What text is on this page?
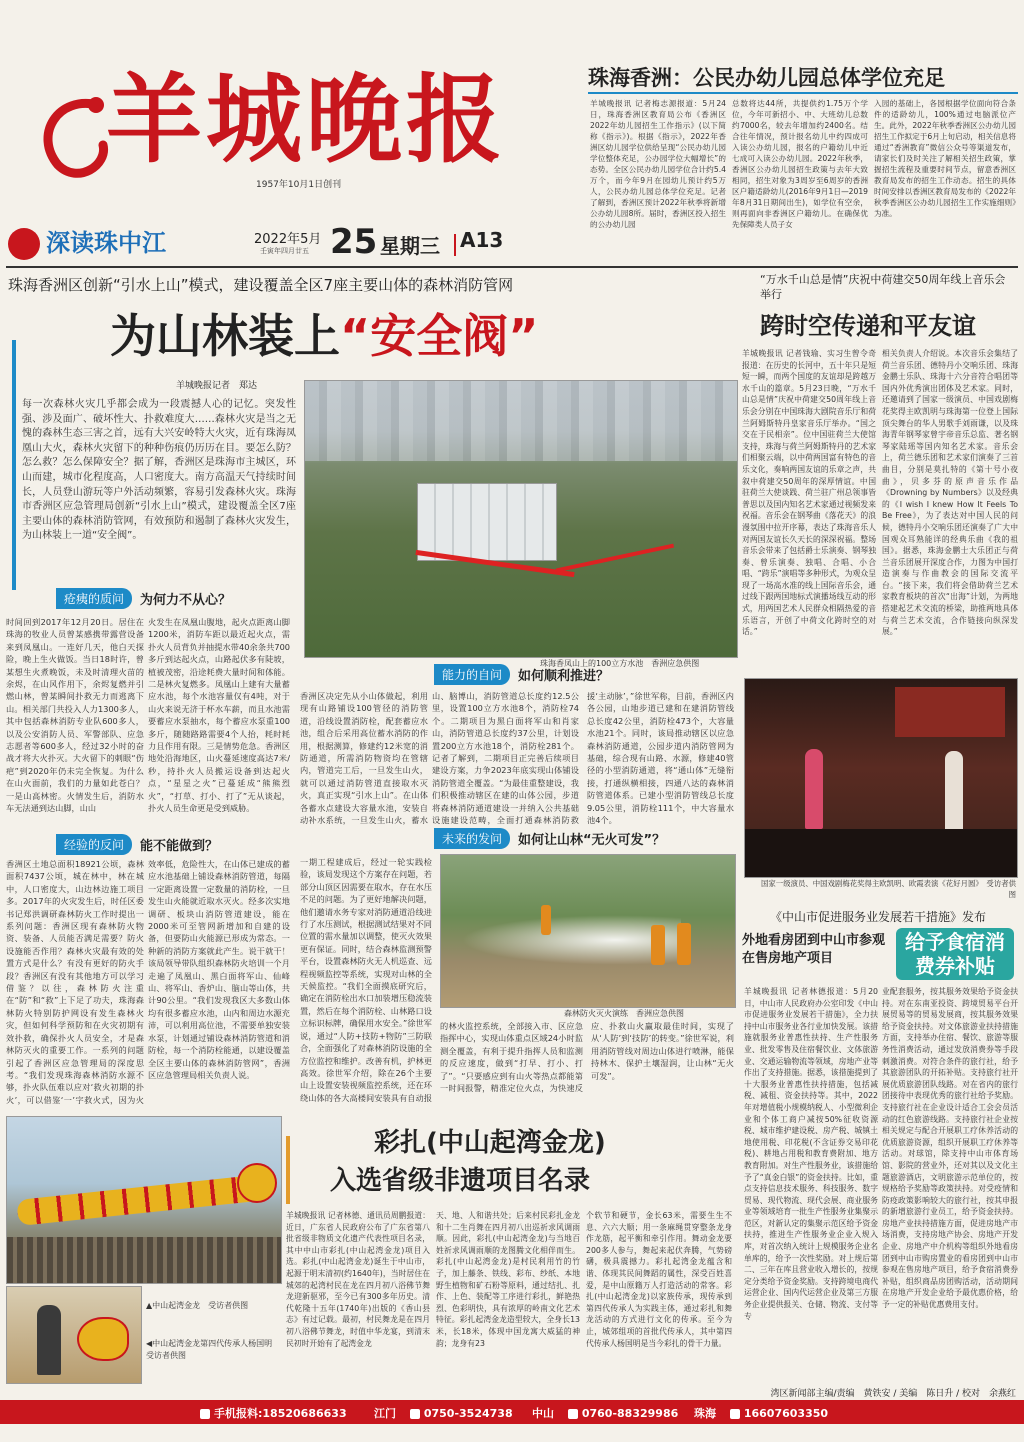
羊城晚报
1957年10月1日创刊
深读珠中江	2022年5月
壬寅年四月廿五 25 星期三 A13
珠海香洲：公民办幼儿园总体学位充足
羊城晚报讯 记者梅志源报道：5月24日，珠海香洲区教育局公布《香洲区2022年幼儿园招生工作指示》(以下简称《指示》)。根据《指示》，2022年香洲区幼儿园学位供给呈现“公民办幼儿园学位整体充足，公办园学位大幅增长”的态势。全区公民办幼儿园学位合计约5.4万个，而今年9月在园幼儿预计约5万人，公民办幼儿园总体学位充足。记者了解到，香洲区预计2022年秋季将新增公办幼儿园8所。届时，香洲区投入招生的公办幼儿园
总数将达44所，共提供约1.75万个学位，今年可新招小、中、大班幼儿总数约7000名，较去年增加约2400名。结合往年情况，预计报名幼儿中约四成可入读公办幼儿园，报名的户籍幼儿中近七成可入读公办幼儿园。2022年秋季，香洲区公办幼儿园招生政策与去年大致相同，招生对象为3周岁至6周岁的香洲区户籍适龄幼儿(2016年9月1日—2019年8月31日期间出生)，如学位有空余，则再面向非香洲区户籍幼儿。在确保优先保障类人员子女
入园的基础上，各园根据学位面向符合条件的适龄幼儿，100%通过电脑派位产生。此外，2022年秋季香洲区公办幼儿园招生工作拟定于6月上旬启动，相关信息将通过“香洲教育”微信公众号等渠道发布，请家长们及时关注了解相关招生政策，掌握招生流程及重要时间节点，留意香洲区教育局发布的招生工作动态。招生的具体时间安排以香洲区教育局发布的《2022年秋季香洲区公办幼儿园招生工作实施细则》为准。
珠海香洲区创新“引水上山”模式，建设覆盖全区7座主要山体的森林消防管网
为山林装上“安全阀”
羊城晚报记者　郑达
每一次森林火灾几乎都会成为一段震撼人心的记忆。突发性强、涉及面广、破坏性大、扑救难度大……森林火灾是当之无愧的森林生态三害之首，远有大兴安岭特大火灾，近有珠海凤凰山大火，森林火灾留下的种种伤痕仍历历在目。要怎么防？怎么救？怎么保障安全？据了解，香洲区是珠海市主城区，环山而建，城市化程度高，人口密度大。南方高温天气持续时间长，人员登山游玩等户外活动频繁，容易引发森林火灾。珠海市香洲区应急管理局创新“引水上山”模式，建设覆盖全区7座主要山体的森林消防管网，有效预防和遏制了森林火灾发生，为山林装上一道“安全阀”。
珠海香凤山上的100立方水池　香洲应急供图
疮痍的质问	为何力不从心？
时间回到2017年12月20日。居住在珠海的牧业人员曾某感携带露营设备来到凤凰山。一连好几天，他白天探险，晚上生火做饭。当日18时许，曾某想生火煮晚饭，未及时清理火苗的余烬，在山风作用下，余烬复燃并引燃山林，曾某瞬间扑救无力而逃离下山。相关部门共投入人力1300多人，其中包括森林消防专业队600多人，以及公安消防人员、军警部队、应急志愿者等600多人，经过32小时的奋战才将大火扑灭。大火留下的刺眼“伤疤”到2020年仍未完全恢复。为什么在山火面前，我们的力量如此苍白？一是山高林密。火情发生后，消防水车无法通到达山脚，山山
火发生在凤凰山腹地，起火点距离山脚1200米，消防车距以最近起火点，需扑火人员背负并抽提水带40余条共700多斤到达起火点，山路起伏多有陡坡，植被茂密，沿途耗费大量时间和体能。二是林火复燃多。凤凰山上建有大量蓄应水池，每个水池容量仅有4吨，对于山火来说无济于杯水车薪，而且水池需要蓄应水泵抽水，每个蓄应水泵重100多斤，随随路路需要4个人抬，耗时耗力且作用有限。三是情势危急。香洲区地处沿海地区，山火蔓延速度高达7米/秒，持扑火人员搬运设备到达起火点，“星星之火”已蔓延成“熊熊烈火”，“打草、打小、打了”无从谈起，扑火人员生命更是受到威胁。
经验的反问	能不能做到？
香洲区土地总面积18921公顷，森林面积7437公顷，城在林中，林在城中，人口密度大，山边林边施工项目多。2017年的火灾发生后，时任区委书记郑洪调研森林防火工作时提出一系列问题：香洲区现有森林防火物资、装备、人员能否满足需要？防火设施能否作用？森林火灾最有效的处置方式是什么？有没有更好的防火手段？香洲区有没有其他地方可以学习借鉴？以往，森林防火注重在“防”和“救”上下足了功夫，珠海森林防火特别防护网设有发生森林火灾，但如何科学预防和在火灾初期有效扑救，确保扑火人员安全，才是森林防灭火的重要工作。一系列的问题引起了香洲区应急管理局的深度思考。“我们发现珠海森林消防水源不够，扑火队伍难以应对‘救火初期的扑火’，可以借鉴‘一’字救火式，因为火
效率低，危险性大，在山体已建成的蓄应水池基础上铺设森林消防管道，每隔一定距离设置一定数量的消防栓，一旦发生山火能就近取水灭火。经多次实地调研、板块山消防管道建设，能在2000米可至管网新增加和自建的设备，但要防山火能源已形成为常态。一种新的消防方案就此产生。说干就干！该局领导带队组织森林防火培训一个月走遍了凤凰山、黑白面将军山、仙峰山、将军山、香炉山、脑山等山体，共计90公里。“我们发现我区大多数山体均有很多蓄应水池，山内和周边水源充沛，可以利用高位池，不需要单独安装水泵，计划通过铺设森林消防管道和消防栓，每一个消防栓能通，以建设覆盖全区主要山体的森林消防管网”，香洲区应急管理局相关负责人说。
能力的自问	如何顺利推进？
香洲区决定先从小山体做起，利用现有山路铺设100管径的消防管道，沿线设置消防栓，配套蓄应水池，组合后采用高位蓄水消防的作用，根据测算，修建约12米宽的消防通道，所需消防物资均在管辖内，管道完工后，一旦发生山火，就可以通过消防管道直接取水灭火，真正实现“引水上山”。在山体各蓄水点建设大容量水池，安装自动补水系统，一旦发生山火，蓄水
山、脑博山，消防管道总长度约12.5公里，设置100立方水池8个，消防栓74个。二期项目为黑白面将军山和肖家山，消防管道总长度约37公里，计划设置200立方水池18个，消防栓281个。记者了解到，二期项目正完善后续项目建设方案，力争2023年底实现山体铺设消防管道全覆盖。“为最佳重整建设，我们积极推动辖区在建的山体公园，步道将森林消防通道建设一并纳入公共基础设施建设范畴，全面打通森林消防救援‘主动脉’，”徐世军称，目前，香洲区内各公园，山地步道已建和在建消防管线总长度42公里，消防栓473个，大容量水池21个。同时，该局推动辖区以应急森林消防通道，公园步道内消防管网为基础，综合现有山路、水源，修建40管径的小型消防通道，将“通山体”无缝衔接，打通纵横相接，四通八达的森林消防管道体系。已建小型消防管线总长度9.05公里，消防栓111个，中大容量水池4个。
未来的发问	如何让山林“无火可发”？
森林防火灭火演练　香洲应急供图
一期工程建成后，经过一轮实践检验，该局发现这个方案存在问题，若部分山顶区因需要在取水，存在水压不足的问题。为了更好地解决问题，他们邀请水务专家对消防通道沿线进行了水压测试，根据测试结果对不同位置的需水量加以调整，使灭火效果更有保证。同时，结合森林监测预警平台，设置森林防火无人机巡查、远程视频监控等系统，实现对山林的全天候监控。“我们全面摸底研究后，确定在消防栓出水口加装增压稳流装置，然后在每个消防栓、山林路口设立标识标牌，确保用水安全。”徐世军说，通过“人防+技防+物防”三防联合，全面强化了对森林消防设施的全方位监控和维护。改善有机，护林更高效。徐世军介绍，除在26个主要山上设置安装视频监控系统，还在环绕山体的各大高楼间安装具有自动报
的林火监控系统，全部接入市、区应急指挥中心，实现山体重点区域24小时监测全覆盖，有利于提升指挥人员和监测的反应速度，做到“打早、打小、打了”。“只要感应到有山火等热点都能第一时间报警，精准定位火点，为快速反应、扑救山火赢取最佳时间，实现了从‘人防’到‘技防’的转变。”徐世军说，利用消防管线对周边山体进行喷淋，能保持林木、保护土壤湿润，让山林“无火可发”。
“万水千山总是情”庆祝中荷建交50周年线上音乐会举行
跨时空传递和平友谊
羊城晚报讯 记者钱瑜、实习生曾令奇报道：在历史的长河中，五十年只是短短一瞬，而两个国度的友谊却是跨越万水千山的篇章。5月23日晚，“万水千山总是情”庆祝中荷建交50周年线上音乐会分别在中国珠海大剧院音乐厅和荷兰阿姆斯特丹皇家音乐厅举办。“国之交在于民相亲”。位中国驻荷兰大使馆支持，珠海与荷兰阿姆斯特丹的艺术家们相聚云端，以中荷两国富有特色的音乐文化，奏响两国友谊的乐章之声，共叙中荷建交50周年的深厚情谊。中国驻荷兰大使谈践、荷兰驻广州总领事皆普思以及国内知名艺术家通过视频发来祝福。音乐会在钢琴曲《落花天》的浪漫氛围中拉开序幕，表达了珠海音乐人对两国友谊长久天长的深深祝福。整场音乐会带来了包括爵士乐演奏、钢琴独奏、曾乐演奏、独唱、合唱、小合唱、“跨乐”演唱等多种形式，为观众呈现了一场高水准的线上国际音乐会，通过线下跟两国地标式演播场线互动的形式，用两国艺术人民群众相隔热爱的音乐语言，开创了中荷文化跨时空的对话。”
相关负责人介绍说。本次音乐会集结了荷兰音乐团、德特丹小交响乐团、珠海金鹏士乐队、珠海十六分音符合唱团等国内外优秀演出团体及艺术家。同时，还邀请到了国家一级演员、中国戏剧梅花奖得主欧凯明与珠海第一位登上国际顶尖舞台的华人男歌手刘雨谦，以及珠海青年钢琴家曾宇帝音乐总监、著名钢琴家陆瑶等国内知名艺术家。音乐会上，荷兰德乐团和艺术家们演奏了三首曲目，分别是莫扎特的《第十号小夜曲》，贝多芬的原声音乐作品《Drowning by Numbers》以及经典的《I wish I knew How It Feels To Be Free》，为了表达对中国人民的问候，德特丹小交响乐团还演奏了广大中国观众耳熟能详的经典乐曲《我的祖国》。据悉，珠海金鹏士大乐团正与荷兰音乐团展开深度合作，力图为中国打造演奏与作曲教会的国际交流平台。“接下来，我们将会借助荷兰艺术家教育板块的首次“出海”计划，为两地搭建起艺术交流的桥梁，助推两地具体与荷兰艺术交流，合作链接向纵深发展。”
国家一级演员、中国戏剧梅花奖得主欧凯明、欧霞表演《花好月圆》　受访者供图
《中山市促进服务业发展若干措施》发布
外地看房团到中山市参观在售房地产项目
给予食宿消费券补贴
羊城晚报讯 记者林德报道：5月20日，中山市人民政府办公室印发《中山市促进服务业发展若干措施》，全力扶持中山市服务业各行业加快发展。该措施就服务业普惠性扶持、生产性服务业、批发零售及住宿餐饮业、文体旅游业、交通运输物流等领域，房地产业等作出了支持措施。据悉，该措施提到了十大服务业普惠性扶持措施，包括减税、减租、资金扶持等。其中，2022年对增值税小规模纳税人、小型微利企业和个体工商户减按50%征收资源税、城市维护建设税、房产税、城镇土地使用税、印花税(不含证券交易印花税)、耕地占用税和教育费附加、地方教育附加。对生产性服务业，该措施给予了“真金白银”的资金扶持。比如，重点支持信息技术服务、科技服务、数字贸易、现代物流、现代会展、商业服务业等领域培育一批生产性服务业集聚示范区，对新认定的集聚示范区给予资金扶持，推进生产性服务业企业入规入库，对首次纳入统计上规模服务企业名单库的，给予一次性奖励。对上规后第二、三年在库且营业收入增长的，按规定分类给予资金奖励。支持跨境电商代运营企业、国内代运营企业及第三方服务企业提供报关、仓储、物流、支付等专
业配套服务，按其服务效果给予资金扶持。对在东南亚投资、跨境贸易平台开展贸易等的贸易发展商，按其服务效果给予资金扶持。对文体旅游业扶持措施方面，支持举办住宿、餐饮、旅游等服务性消费活动，通过发放消费券等手段刺激消费。对符合条件的旅行社，给予其旅游团队的开拓补贴。支持旅行社开展优质旅游团队线路。对在省内的旅行团接待中表现优秀的旅行社给予奖励。支持旅行社在企业设计适合工会会员活动的红色旅游线路。支持旅行社企业按相关规定与配合开展职工疗休养活动的优质旅游资源，组织开展职工疗休养等活动。对球馆，除支持中山市体育场馆、影院的营业外，还对其以及文化主题旅游酒店，文明旅游示范单位的，按规格给予奖励等政策扶持。对受疫情和防疫政策影响较大的旅行社，按其申报的新增旅游行业员工，给予资金扶持。房地产业扶持措施方面，促进房地产市场消费，支持房地产协会、房地产开发企业、房地产中介机构等组织外地看房团到中山市购房置业的看房团到中山市参观在售房地产项目，给予食宿消费券补贴，组织商品房团购活动，活动期间在房地产开发企业给予最优惠价格，给予一定的补贴优惠费用支付。
▲中山起湾金龙　受访者供图
◀中山起湾金龙第四代传承人杨国明　受访者供图
彩扎(中山起湾金龙)
入选省级非遗项目名录
羊城晚报讯 记者林德、通讯员周鹏报道：近日，广东省人民政府公布了广东省第八批省级非物质文化遗产代表性项目名录，其中中山市彩扎(中山起湾金龙)项目入选。彩扎(中山起湾金龙)诞生于中山市，起源于明末清初(约1640年)，当时居住在城郊的起湾村民在龙在四月初八浴佛节舞龙迎新驱邪，至今已有300多年历史。清代乾隆十五年(1740年)出版的《香山县志》有过记载。最初，村民舞龙是在四月初八浴佛节舞龙，时值中华龙宴，到清末民初时开始有了起湾金龙
天、地、人和谐共处；后来村民彩扎金龙和十二生肖舞在四月初八出巡祈求风调雨顺。因此，彩扎(中山起湾金龙)与当地百姓祈求风调雨顺的龙图腾文化相伴而生。彩扎(中山起湾金龙)是村民利用竹的竹子，加上藤条、铁线、彩布、纱纸、本地野生植物和矿石粉等原料，通过结扎、扎作、上色、装配等工序进行彩扎，鲜艳热烈、色彩明快，具有浓厚的岭南文化艺术特征。彩扎起湾金龙造型较大，全身长13米，长18米，体现中国龙寓大威猛的神韵；龙身有23
个软节和硬节，金长63米，需要生生不息、六六大顺；用一条麻绳贯穿整条龙身作龙筋，起平衡和牵引作用。舞动金龙要200多人参与，舞起来起伏奔腾，气势磅礴，极具震撼力。彩扎起湾金龙蕴含和谐、体现其民间舞蹈的属性，深受百姓喜爱，是中山原籍万人打造活动的常客。彩扎(中山起湾金龙)以家族传承，现传承到第四代传承人为实践主体，通过彩扎和舞龙活动的方式进行文化的传承。至今为止，城郊组项的首批代传承人，其中第四代传承人杨国明是当今彩扎的骨干力量。
湾区新闻部主编/责编　黄铁安 / 美编　陈日升 / 校对　余燕红
手机报料:18520686633 江门	0750-3524738 中山	0760-88329986 珠海	16607603350
